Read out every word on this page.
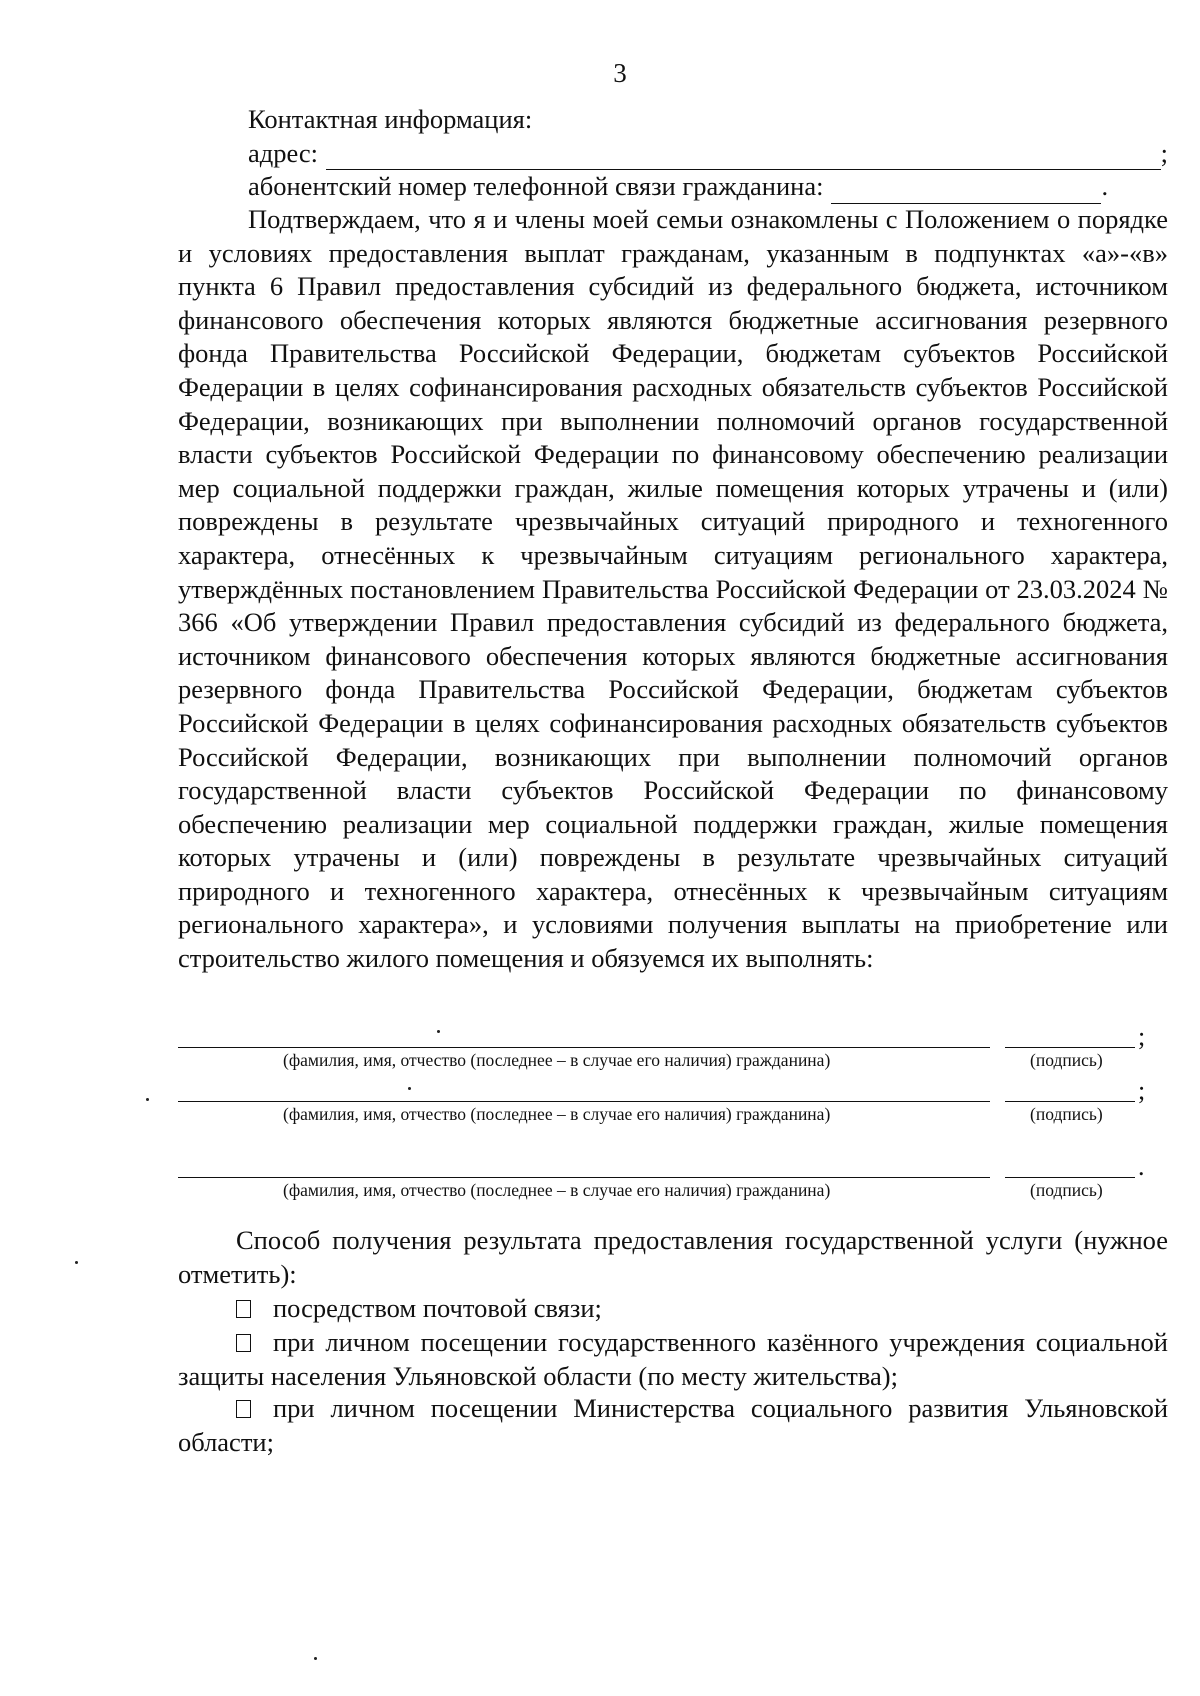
3
Контактная информация:
адрес:	;
абонентский номер телефонной связи гражданина:	.
Подтверждаем, что я и члены моей семьи ознакомлены с Положением о порядке и условиях предоставления выплат гражданам, указанным в подпунктах «а»-«в» пункта 6 Правил предоставления субсидий из федерального бюджета, источником финансового обеспечения которых являются бюджетные ассигнования резервного фонда Правительства Российской Федерации, бюджетам субъектов Российской Федерации в целях софинансирования расходных обязательств субъектов Российской Федерации, возникающих при выполнении полномочий органов государственной власти субъектов Российской Федерации по финансовому обеспечению реализации мер социальной поддержки граждан, жилые помещения которых утрачены и (или) повреждены в результате чрезвычайных ситуаций природного и техногенного характера, отнесённых к чрезвычайным ситуациям регионального характера, утверждённых постановлением Правительства Российской Федерации от 23.03.2024 № 366 «Об утверждении Правил предоставления субсидий из федерального бюджета, источником финансового обеспечения которых являются бюджетные ассигнования резервного фонда Правительства Российской Федерации, бюджетам субъектов Российской Федерации в целях софинансирования расходных обязательств субъектов Российской Федерации, возникающих при выполнении полномочий органов государственной власти субъектов Российской Федерации по финансовому обеспечению реализации мер социальной поддержки граждан, жилые помещения которых утрачены и (или) повреждены в результате чрезвычайных ситуаций природного и техногенного характера, отнесённых к чрезвычайным ситуациям регионального характера», и условиями получения выплаты на приобретение или строительство жилого помещения и обязуемся их выполнять:
;
(фамилия, имя, отчество (последнее – в случае его наличия) гражданина)	(подпись)
;
(фамилия, имя, отчество (последнее – в случае его наличия) гражданина)	(подпись)
.
(фамилия, имя, отчество (последнее – в случае его наличия) гражданина)	(подпись)
Способ получения результата предоставления государственной услуги (нужное отметить):
посредством почтовой связи;
при личном посещении государственного казённого учреждения социальной защиты населения Ульяновской области (по месту жительства);
при личном посещении Министерства социального развития Ульяновской области;
